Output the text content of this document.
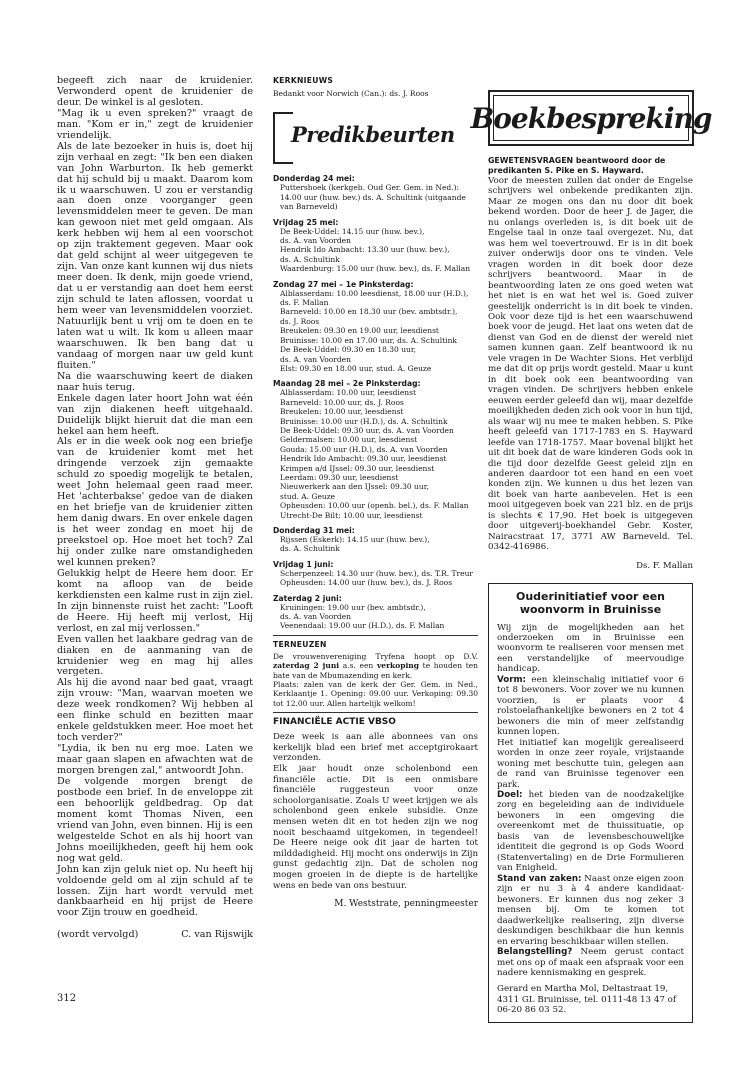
begeeft zich naar de kruidenier. Verwonderd opent de kruidenier de deur. De winkel is al gesloten.

"Mag ik u even spreken?" vraagt de man. "Kom er in," zegt de kruidenier vriendelijk.

Als de late bezoeker in huis is, doet hij zijn verhaal en zegt: "Ik ben een diaken van John Warburton. Ik heb gemerkt dat hij schuld bij u maakt. Daarom kom ik u waarschuwen. U zou er verstandig aan doen onze voorganger geen levensmiddelen meer te geven. De man kan gewoon niet met geld omgaan. Als kerk hebben wij hem al een voorschot op zijn traktement gegeven. Maar ook dat geld schijnt al weer uitgegeven te zijn. Van onze kant kunnen wij dus niets meer doen. Ik denk, mijn goede vriend, dat u er verstandig aan doet hem eerst zijn schuld te laten aflossen, voordat u hem weer van levensmiddelen voorziet. Natuurlijk bent u vrij om te doen en te laten wat u wilt. Ik kom u alleen maar waarschuwen. Ik ben bang dat u vandaag of morgen naar uw geld kunt fluiten."

Na die waarschuwing keert de diaken naar huis terug.

Enkele dagen later hoort John wat één van zijn diakenen heeft uitgehaald. Duidelijk blijkt hieruit dat die man een hekel aan hem heeft.

Als er in die week ook nog een briefje van de kruidenier komt met het dringende verzoek zijn gemaakte schuld zo spoedig mogelijk te betalen, weet John helemaal geen raad meer. Het 'achterbakse' gedoe van de diaken en het briefje van de kruidenier zitten hem danig dwars. En over enkele dagen is het weer zondag en moet hij de preekstoel op. Hoe moet het toch? Zal hij onder zulke nare omstandigheden wel kunnen preken?

Gelukkig helpt de Heere hem door. Er komt na afloop van de beide kerkdiensten een kalme rust in zijn ziel. In zijn binnenste ruist het zacht: "Looft de Heere. Hij heeft mij verlost, Hij verlost, en zal mij verlossen."

Even vallen het laakbare gedrag van de diaken en de aanmaning van de kruidenier weg en mag hij alles vergeten.

Als hij die avond naar bed gaat, vraagt zijn vrouw: "Man, waarvan moeten we deze week rondkomen? Wij hebben al een flinke schuld en bezitten maar enkele geldstukken meer. Hoe moet het toch verder?"

"Lydia, ik ben nu erg moe. Laten we maar gaan slapen en afwachten wat de morgen brengen zal," antwoordt John.

De volgende morgen brengt de postbode een brief. In de enveloppe zit een behoorlijk geldbedrag. Op dat moment komt Thomas Niven, een vriend van John, even binnen. Hij is een welgestelde Schot en als hij hoort van Johns moeilijkheden, geeft hij hem ook nog wat geld.

John kan zijn geluk niet op. Nu heeft hij voldoende geld om al zijn schuld af te lossen. Zijn hart wordt vervuld met dankbaarheid en hij prijst de Heere voor Zijn trouw en goedheid.

(wordt vervolgd)	C. van Rijswijk
312

KERKNIEUWS

Bedankt voor Norwich (Can.): ds. J. Roos

Predikbeurten

Donderdag 24 mei:

Puttershoek (kerkgeb. Oud Ger. Gem. in Ned.): 14.00 uur (huw. bev.) ds. A. Schultink (uitgaande van Barneveld)

Vrijdag 25 mei:

De Beek-Uddel: 14.15 uur (huw. bev.),

ds. A. van Voorden

Hendrik Ido Ambacht: 13.30 uur (huw. bev.),

ds. A. Schultink

Waardenburg: 15.00 uur (huw. bev.), ds. F. Mallan

Zondag 27 mei – 1e Pinksterdag:

Alblasserdam: 10.00 leesdienst, 18.00 uur (H.D.),

ds. F. Mallan

Barneveld: 10.00 en 18.30 uur (bev. ambtsdr.),

ds. J. Roos

Breukelen: 09.30 en 19.00 uur, leesdienst

Bruinisse: 10.00 en 17.00 uur, ds. A. Schultink

De Beek-Uddel: 09.30 en 18.30 uur,

ds. A. van Voorden

Elst: 09.30 en 18.00 uur, stud. A. Geuze

Maandag 28 mei – 2e Pinksterdag:

Alblasserdam: 10.00 uur, leesdienst

Barneveld: 10.00 uur, ds. J. Roos

Breukelen: 10.00 uur, leesdienst

Bruinisse: 10.00 uur (H.D.), ds. A. Schultink

De Beek-Uddel: 09.30 uur, ds. A. van Voorden

Geldermalsen: 10.00 uur, leesdienst

Gouda: 15.00 uur (H.D.), ds. A. van Voorden

Hendrik Ido Ambacht: 09.30 uur, leesdienst

Krimpen a/d IJssel: 09.30 uur, leesdienst

Leerdam: 09.30 uur, leesdienst

Nieuwerkerk aan den IJssel: 09.30 uur,

stud. A. Geuze

Opheusden: 10.00 uur (openb. bel.), ds. F. Mallan

Utrecht-De Bilt: 10.00 uur, leesdienst

Donderdag 31 mei:

Rijssen (Eskerk): 14.15 uur (huw. bev.),

ds. A. Schultink

Vrijdag 1 juni:

Scherpenzeel: 14.30 uur (huw. bev.), ds. T.R. Treur

Opheusden: 14.00 uur (huw. bev.), ds. J. Roos

Zaterdag 2 juni:

Kruiningen: 19.00 uur (bev. ambtsdr.),

ds. A. van Voorden

Veenendaal: 19.00 uur (H.D.), ds. F. Mallan

TERNEUZEN

De vrouwenvereniging Tryfena hoopt op D.V. zaterdag 2 juni a.s. een verkoping te houden ten bate van de Mbumazending en kerk.

Plaats: zalen van de kerk der Ger. Gem. in Ned., Kerklaantje 1. Opening: 09.00 uur. Verkoping: 09.30 tot 12.00 uur. Allen hartelijk welkom!

FINANCIËLE ACTIE VBSO

Deze week is aan alle abonnees van ons kerkelijk blad een brief met acceptgirokaart verzonden.

Elk jaar houdt onze scholenbond een financiële actie. Dit is een onmisbare financiële ruggesteun voor onze schoolorganisatie. Zoals U weet krijgen we als scholenbond geen enkele subsidie. Onze mensen weten dit en tot heden zijn we nog nooit beschaamd uitgekomen, in tegendeel! De Heere neige ook dit jaar de harten tot milddadigheid. Hij mocht ons onderwijs in Zijn gunst gedachtig zijn. Dat de scholen nog mogen groeien in de diepte is de hartelijke wens en bede van ons bestuur.

M. Weststrate, penningmeester
Boekbespreking

GEWETENSVRAGEN beantwoord door de predikanten S. Pike en S. Hayward.

Voor de meesten zullen dat onder de Engelse schrijvers wel onbekende predikanten zijn. Maar ze mogen ons dan nu door dit boek bekend worden. Door de heer J. de Jager, die nu onlangs overleden is, is dit boek uit de Engelse taal in onze taal overgezet. Nu, dat was hem wel toevertrouwd. Er is in dit boek zuiver onderwijs door ons te vinden. Vele vragen worden in dit boek door deze schrijvers beantwoord. Maar in de beantwoording laten ze ons goed weten wat het niet is en wat het wel is. Goed zuiver geestelijk onderricht is in dit boek te vinden. Ook voor deze tijd is het een waarschuwend boek voor de jeugd. Het laat ons weten dat de dienst van God en de dienst der wereld niet samen kunnen gaan. Zelf beantwoord ik nu vele vragen in De Wachter Sions. Het verblijd me dat dit op prijs wordt gesteld. Maar u kunt in dit boek ook een beantwoording van vragen vinden. De schrijvers hebben enkele eeuwen eerder geleefd dan wij, maar dezelfde moeilijkheden deden zich ook voor in hun tijd, als waar wij nu mee te maken hebben. S. Pike heeft geleefd van 1717-1783 en S. Hayward leefde van 1718-1757. Maar bovenal blijkt het uit dit boek dat de ware kinderen Gods ook in die tijd door dezelfde Geest geleid zijn en anderen daardoor tot een hand en een voet konden zijn. We kunnen u dus het lezen van dit boek van harte aanbevelen. Het is een mooi uitgegeven boek van 221 blz. en de prijs is slechts € 17,90. Het boek is uitgegeven door uitgeverij-boekhandel Gebr. Koster, Nairacstraat 17, 3771 AW Barneveld. Tel. 0342-416986.

Ds. F. Mallan

Ouderinitiatief voor een woonvorm in Bruinisse

Wij zijn de mogelijkheden aan het onderzoeken om in Bruinisse een woonvorm te realiseren voor mensen met een verstandelijke of meervoudige handicap.

Vorm: een kleinschalig initiatief voor 6 tot 8 bewoners. Voor zover we nu kunnen voorzien, is er plaats voor 4 rolstoelafhankelijke bewoners en 2 tot 4 bewoners die min of meer zelfstandig kunnen lopen.

Het initiatief kan mogelijk gerealiseerd worden in onze zeer royale, vrijstaande woning met beschutte tuin, gelegen aan de rand van Bruinisse tegenover een park.

Doel: het bieden van de noodzakelijke zorg en begeleiding aan de individuele bewoners in een omgeving die overeenkomt met de thuissituatie, op basis van de levensbeschouwelijke identiteit die gegrond is op Gods Woord (Statenvertaling) en de Drie Formulieren van Enigheid.

Stand van zaken: Naast onze eigen zoon zijn er nu 3 à 4 andere kandidaat-bewoners. Er kunnen dus nog zeker 3 mensen bij. Om te komen tot daadwerkelijke realisering, zijn diverse deskundigen beschikbaar die hun kennis en ervaring beschikbaar willen stellen.

Belangstelling? Neem gerust contact met ons op of maak een afspraak voor een nadere kennismaking en gesprek.

Gerard en Martha Mol, Deltastraat 19, 4311 GL Bruinisse, tel. 0111-48 13 47 of 06-20 86 03 52.
